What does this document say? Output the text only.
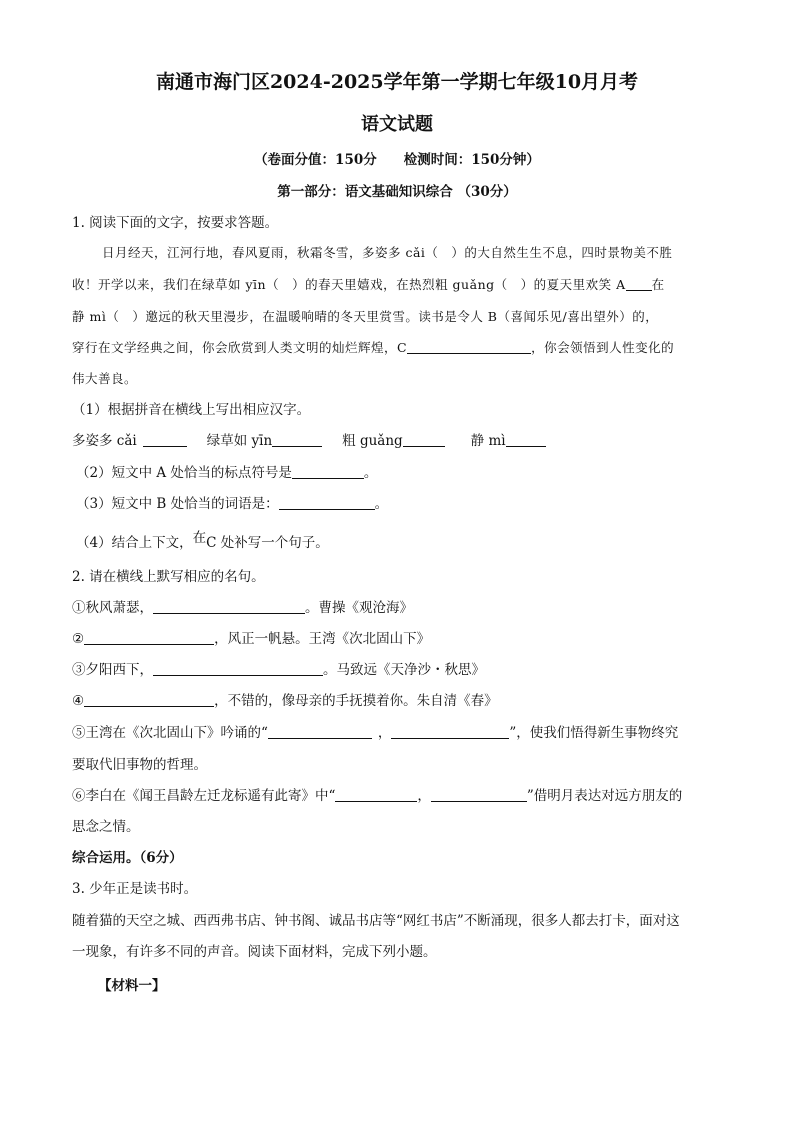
南通市海门区2024-2025学年第一学期七年级10月月考
语文试题
（卷面分值：150分　　检测时间：150分钟）
第一部分：语文基础知识综合 （30分）
1. 阅读下面的文字，按要求答题。
日月经天，江河行地，春风夏雨，秋霜冬雪，多姿多 cǎi（　）的大自然生生不息，四时景物美不胜
收！开学以来，我们在绿草如 yīn（　）的春天里嬉戏，在热烈粗 guǎng（　）的夏天里欢笑 A 在
静 mì（　）邀远的秋天里漫步，在温暖响晴的冬天里赏雪。读书是令人 B（喜闻乐见/喜出望外）的，
穿行在文学经典之间，你会欣赏到人类文明的灿烂辉煌，C	，你会领悟到人性变化的
伟大善良。
（1）根据拼音在横线上写出相应汉字。
多姿多 cǎi	绿草如 yīn	粗 guǎng	静 mì
（2）短文中 A 处恰当的标点符号是	。
（3）短文中 B 处恰当的词语是：	。
（4）结合上下文，在C 处补写一个句子。
2. 请在横线上默写相应的名句。
①秋风萧瑟，	。曹操《观沧海》
②	，风正一帆悬。王湾《次北固山下》
③夕阳西下，	。马致远《天净沙・秋思》
④	，不错的，像母亲的手抚摸着你。朱自清《春》
⑤王湾在《次北固山下》吟诵的“	，	”，使我们悟得新生事物终究
要取代旧事物的哲理。
⑥李白在《闻王昌龄左迁龙标遥有此寄》中“	，	”借明月表达对远方朋友的
思念之情。
综合运用。（6分）
3. 少年正是读书时。
随着猫的天空之城、西西弗书店、钟书阁、诚品书店等“网红书店”不断涌现，很多人都去打卡，面对这
一现象，有许多不同的声音。阅读下面材料，完成下列小题。
【材料一】
